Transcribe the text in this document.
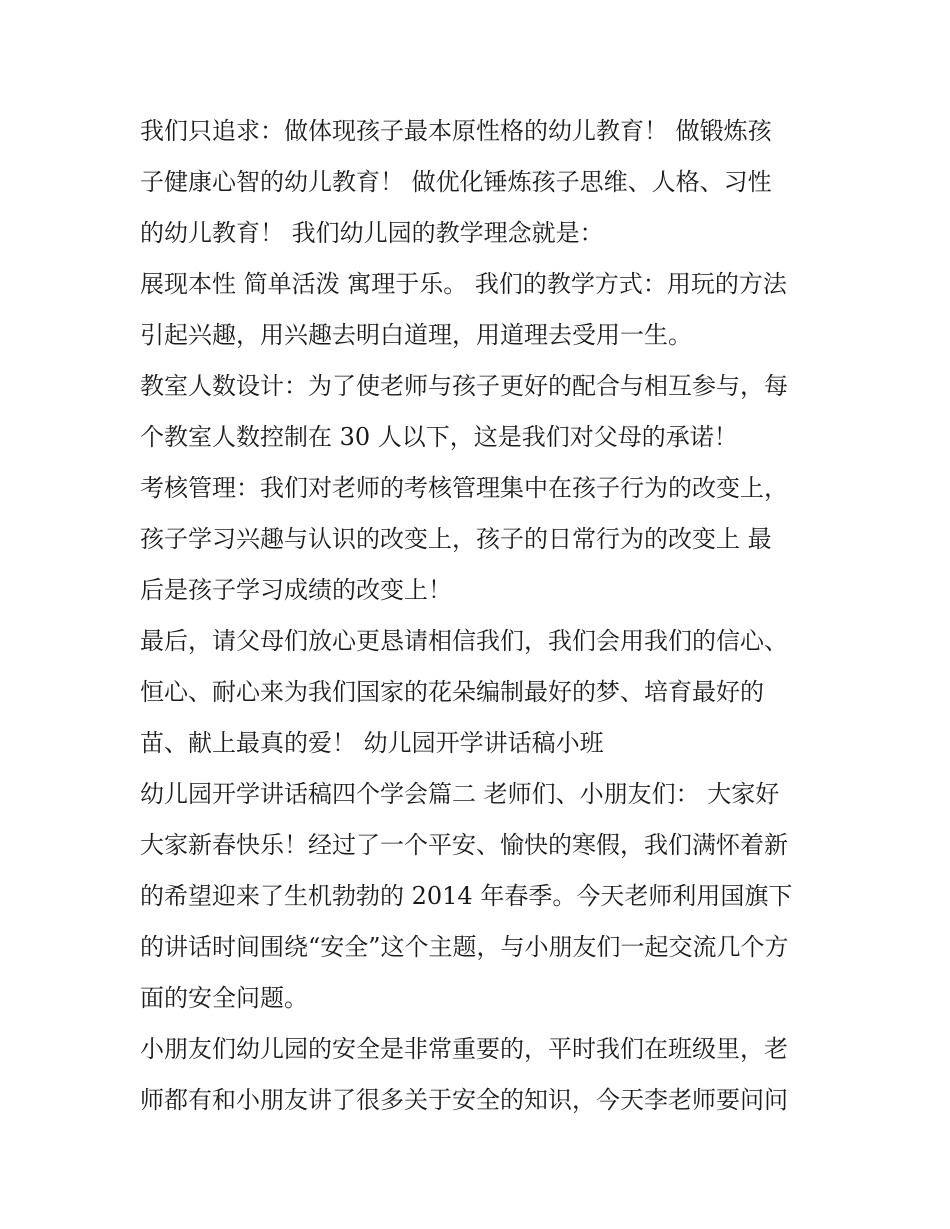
我们只追求：做体现孩子最本原性格的幼儿教育！ 做锻炼孩
子健康心智的幼儿教育！ 做优化锤炼孩子思维、人格、习性
的幼儿教育！ 我们幼儿园的教学理念就是：
展现本性 简单活泼 寓理于乐。 我们的教学方式：用玩的方法
引起兴趣，用兴趣去明白道理，用道理去受用一生。
教室人数设计：为了使老师与孩子更好的配合与相互参与，每
个教室人数控制在 30 人以下，这是我们对父母的承诺！
考核管理：我们对老师的考核管理集中在孩子行为的改变上，
孩子学习兴趣与认识的改变上，孩子的日常行为的改变上 最
后是孩子学习成绩的改变上！
最后，请父母们放心更恳请相信我们，我们会用我们的信心、
恒心、耐心来为我们国家的花朵编制最好的梦、培育最好的
苗、献上最真的爱！ 幼儿园开学讲话稿小班
幼儿园开学讲话稿四个学会篇二 老师们、小朋友们： 大家好
大家新春快乐！经过了一个平安、愉快的寒假，我们满怀着新
的希望迎来了生机勃勃的 2014 年春季。今天老师利用国旗下
的讲话时间围绕“安全”这个主题，与小朋友们一起交流几个方
面的安全问题。
小朋友们幼儿园的安全是非常重要的，平时我们在班级里，老
师都有和小朋友讲了很多关于安全的知识，今天李老师要问问
